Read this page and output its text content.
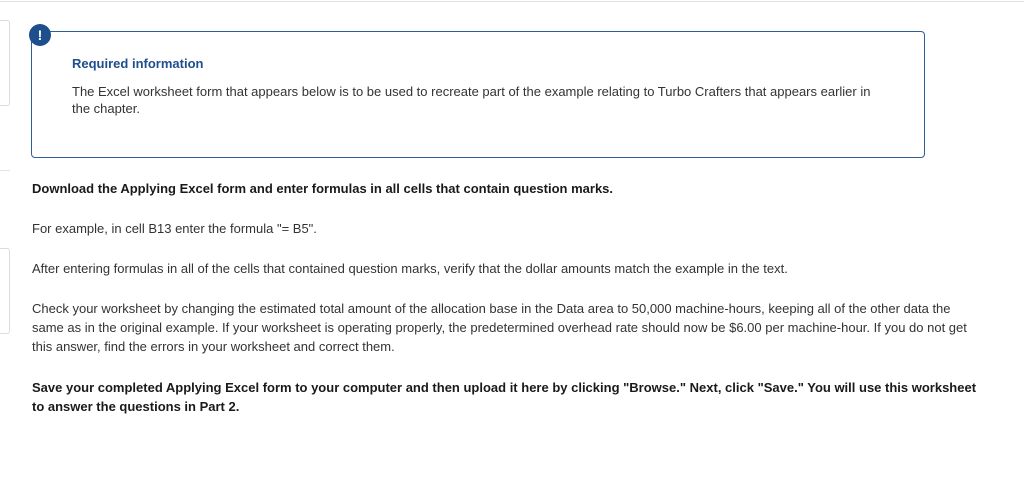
!
Required information
The Excel worksheet form that appears below is to be used to recreate part of the example relating to Turbo Crafters that appears earlier in the chapter.

Download the Applying Excel form and enter formulas in all cells that contain question marks.

For example, in cell B13 enter the formula "= B5".

After entering formulas in all of the cells that contained question marks, verify that the dollar amounts match the example in the text.

Check your worksheet by changing the estimated total amount of the allocation base in the Data area to 50,000 machine-hours, keeping all of the other data the same as in the original example. If your worksheet is operating properly, the predetermined overhead rate should now be $6.00 per machine-hour. If you do not get this answer, find the errors in your worksheet and correct them.

Save your completed Applying Excel form to your computer and then upload it here by clicking "Browse." Next, click "Save." You will use this worksheet to answer the questions in Part 2.
